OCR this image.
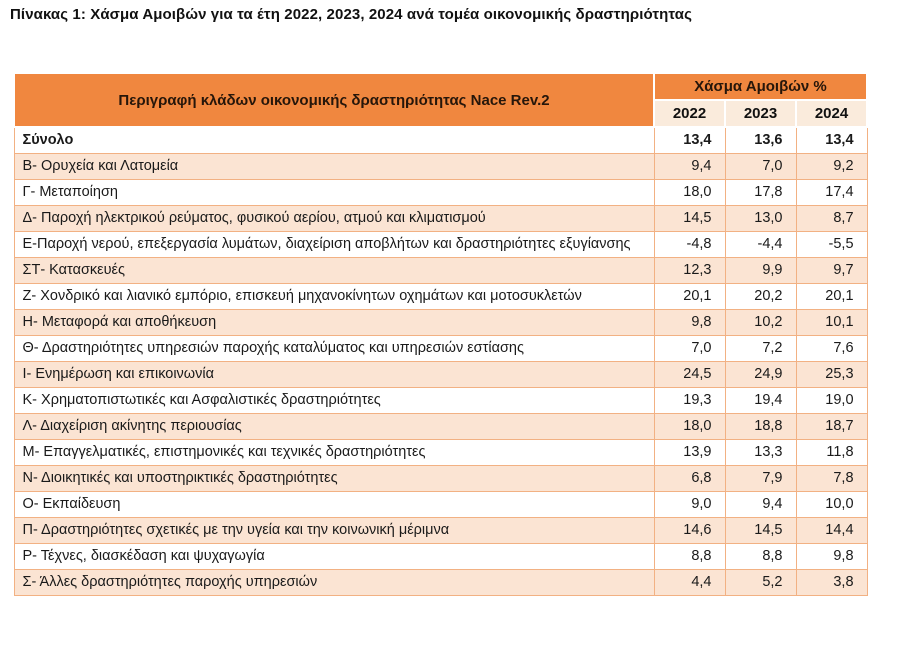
Πίνακας 1: Χάσμα Αμοιβών για τα έτη 2022, 2023, 2024 ανά τομέα οικονομικής δραστηριότητας
Περιγραφή κλάδων οικονομικής δραστηριότητας Nace Rev.2	Χάσμα Αμοιβών %		
	2022	2023	2024
Σύνολο	13,4	13,6	13,4
Β- Ορυχεία και Λατομεία	9,4	7,0	9,2
Γ- Μεταποίηση	18,0	17,8	17,4
Δ- Παροχή ηλεκτρικού ρεύματος, φυσικού αερίου, ατμού και κλιματισμού	14,5	13,0	8,7
Ε-Παροχή νερού, επεξεργασία λυμάτων, διαχείριση αποβλήτων και δραστηριότητες εξυγίανσης	-4,8	-4,4	-5,5
ΣΤ- Κατασκευές	12,3	9,9	9,7
Ζ- Χονδρικό και λιανικό εμπόριο, επισκευή μηχανοκίνητων οχημάτων και μοτοσυκλετών	20,1	20,2	20,1
Η- Μεταφορά και αποθήκευση	9,8	10,2	10,1
Θ- Δραστηριότητες υπηρεσιών παροχής καταλύματος και υπηρεσιών εστίασης	7,0	7,2	7,6
Ι- Ενημέρωση και επικοινωνία	24,5	24,9	25,3
Κ- Χρηματοπιστωτικές και Ασφαλιστικές δραστηριότητες	19,3	19,4	19,0
Λ- Διαχείριση ακίνητης περιουσίας	18,0	18,8	18,7
Μ- Επαγγελματικές, επιστημονικές και τεχνικές δραστηριότητες	13,9	13,3	11,8
Ν- Διοικητικές και υποστηρικτικές δραστηριότητες	6,8	7,9	7,8
Ο- Εκπαίδευση	9,0	9,4	10,0
Π- Δραστηριότητες σχετικές με την υγεία και την κοινωνική μέριμνα	14,6	14,5	14,4
Ρ- Τέχνες, διασκέδαση και ψυχαγωγία	8,8	8,8	9,8
Σ- Άλλες δραστηριότητες παροχής υπηρεσιών	4,4	5,2	3,8
